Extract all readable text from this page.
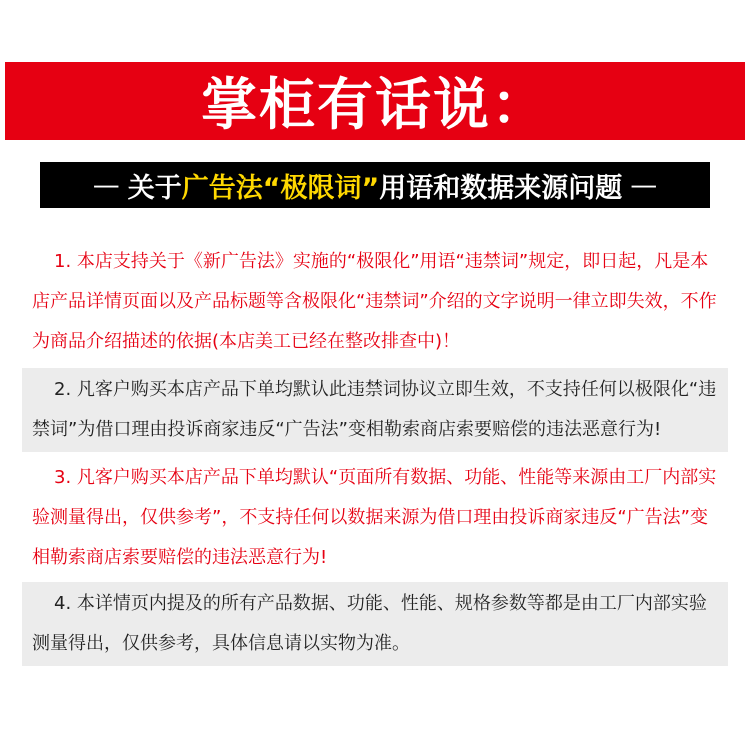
掌柜有话说：
— 关于 广告法“极限词” 用语和数据来源问题 —

1. 本店支持关于《新广告法》实施的“极限化”用语“违禁词”规定，即日起，凡是本店产品详情页面以及产品标题等含极限化“违禁词”介绍的文字说明一律立即失效，不作为商品介绍描述的依据(本店美工已经在整改排查中)！

2. 凡客户购买本店产品下单均默认此违禁词协议立即生效，不支持任何以极限化“违禁词”为借口理由投诉商家违反“广告法”变相勒索商店索要赔偿的违法恶意行为!

3. 凡客户购买本店产品下单均默认“页面所有数据、功能、性能等来源由工厂内部实验测量得出，仅供参考”，不支持任何以数据来源为借口理由投诉商家违反“广告法”变相勒索商店索要赔偿的违法恶意行为!

4. 本详情页内提及的所有产品数据、功能、性能、规格参数等都是由工厂内部实验测量得出，仅供参考，具体信息请以实物为准。
